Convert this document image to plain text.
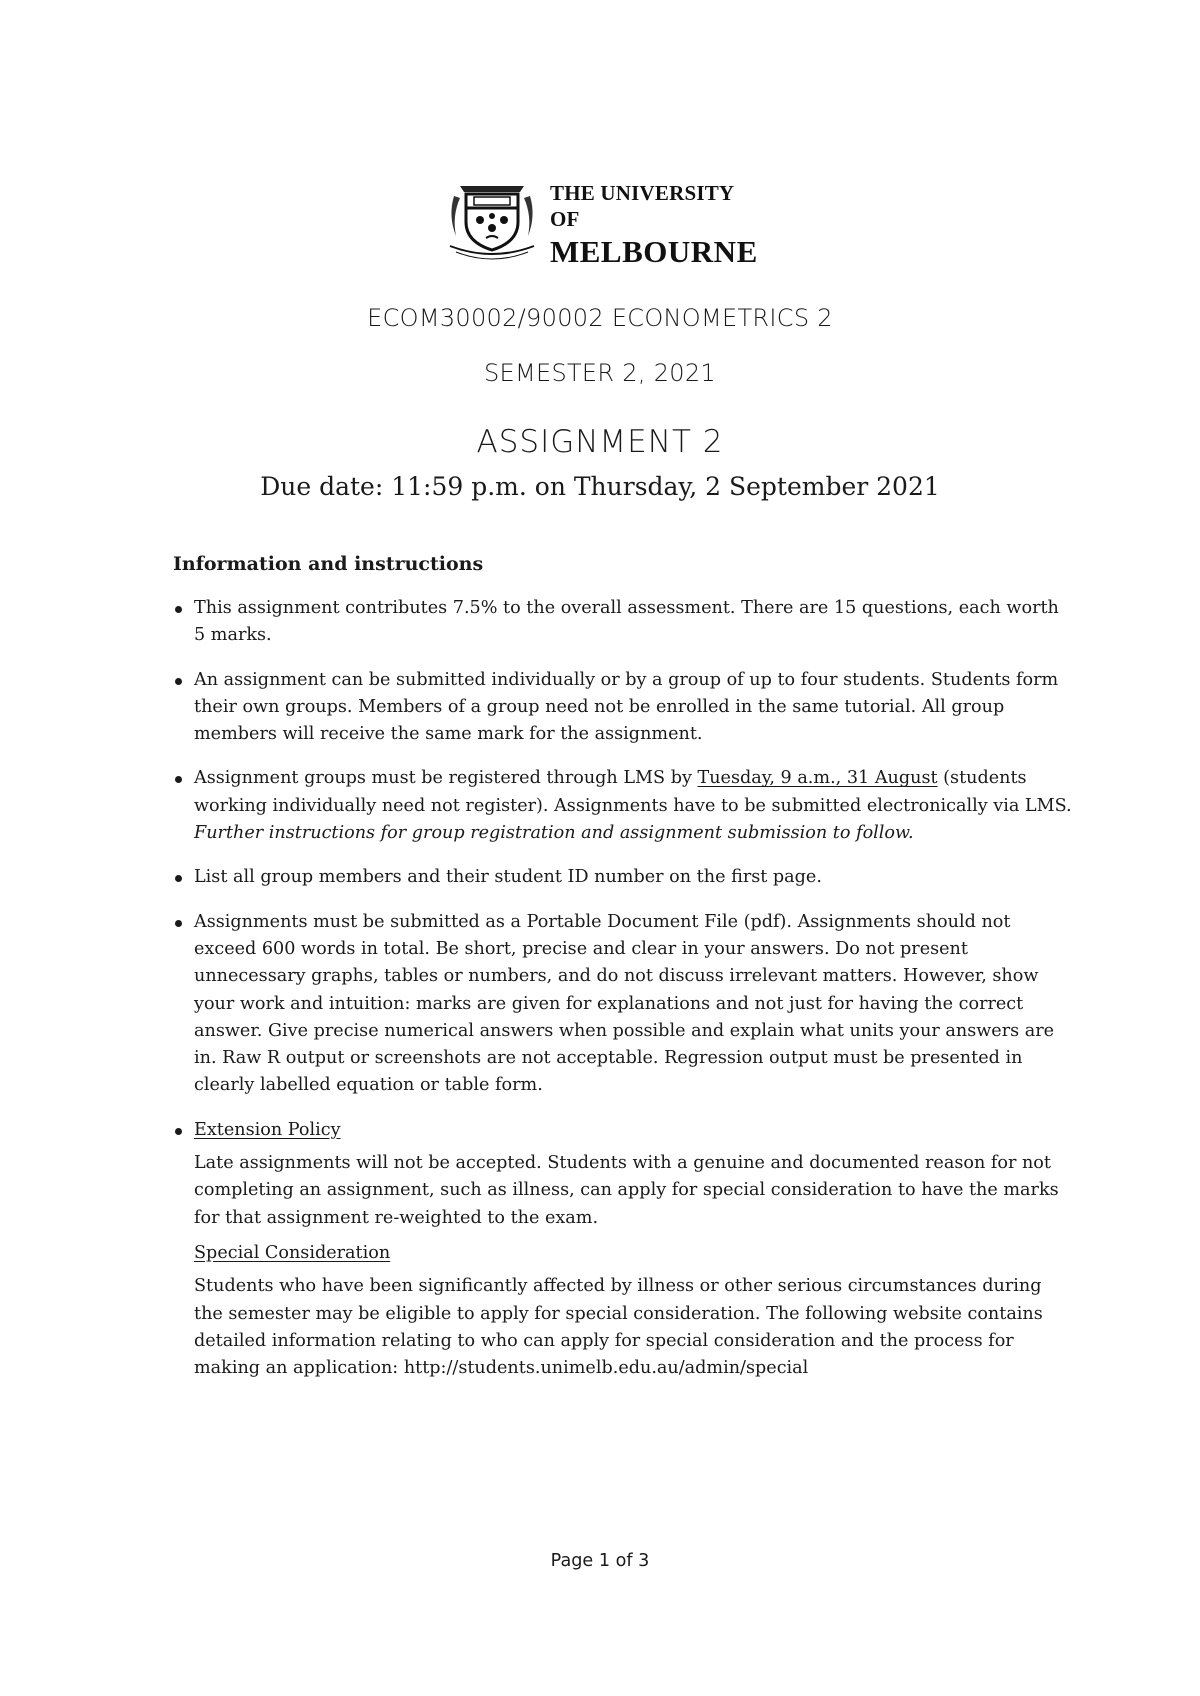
THE UNIVERSITY OF
MELBOURNE
ECOM30002/90002 ECONOMETRICS 2
SEMESTER 2, 2021
ASSIGNMENT 2
Due date: 11:59 p.m. on Thursday, 2 September 2021
Information and instructions
This assignment contributes 7.5% to the overall assessment. There are 15 questions, each worth 5 marks.
An assignment can be submitted individually or by a group of up to four students. Students form their own groups. Members of a group need not be enrolled in the same tutorial. All group members will receive the same mark for the assignment.
Assignment groups must be registered through LMS by Tuesday, 9 a.m., 31 August (students working individually need not register). Assignments have to be submitted electronically via LMS. Further instructions for group registration and assignment submission to follow.
List all group members and their student ID number on the first page.
Assignments must be submitted as a Portable Document File (pdf). Assignments should not exceed 600 words in total. Be short, precise and clear in your answers. Do not present unnecessary graphs, tables or numbers, and do not discuss irrelevant matters. However, show your work and intuition: marks are given for explanations and not just for having the correct answer. Give precise numerical answers when possible and explain what units your answers are in. Raw R output or screenshots are not acceptable. Regression output must be presented in clearly labelled equation or table form.
Extension Policy
Late assignments will not be accepted. Students with a genuine and documented reason for not completing an assignment, such as illness, can apply for special consideration to have the marks for that assignment re-weighted to the exam.
Special Consideration
Students who have been significantly affected by illness or other serious circumstances during the semester may be eligible to apply for special consideration. The following website contains detailed information relating to who can apply for special consideration and the process for making an application: http://students.unimelb.edu.au/admin/special
Page 1 of 3
